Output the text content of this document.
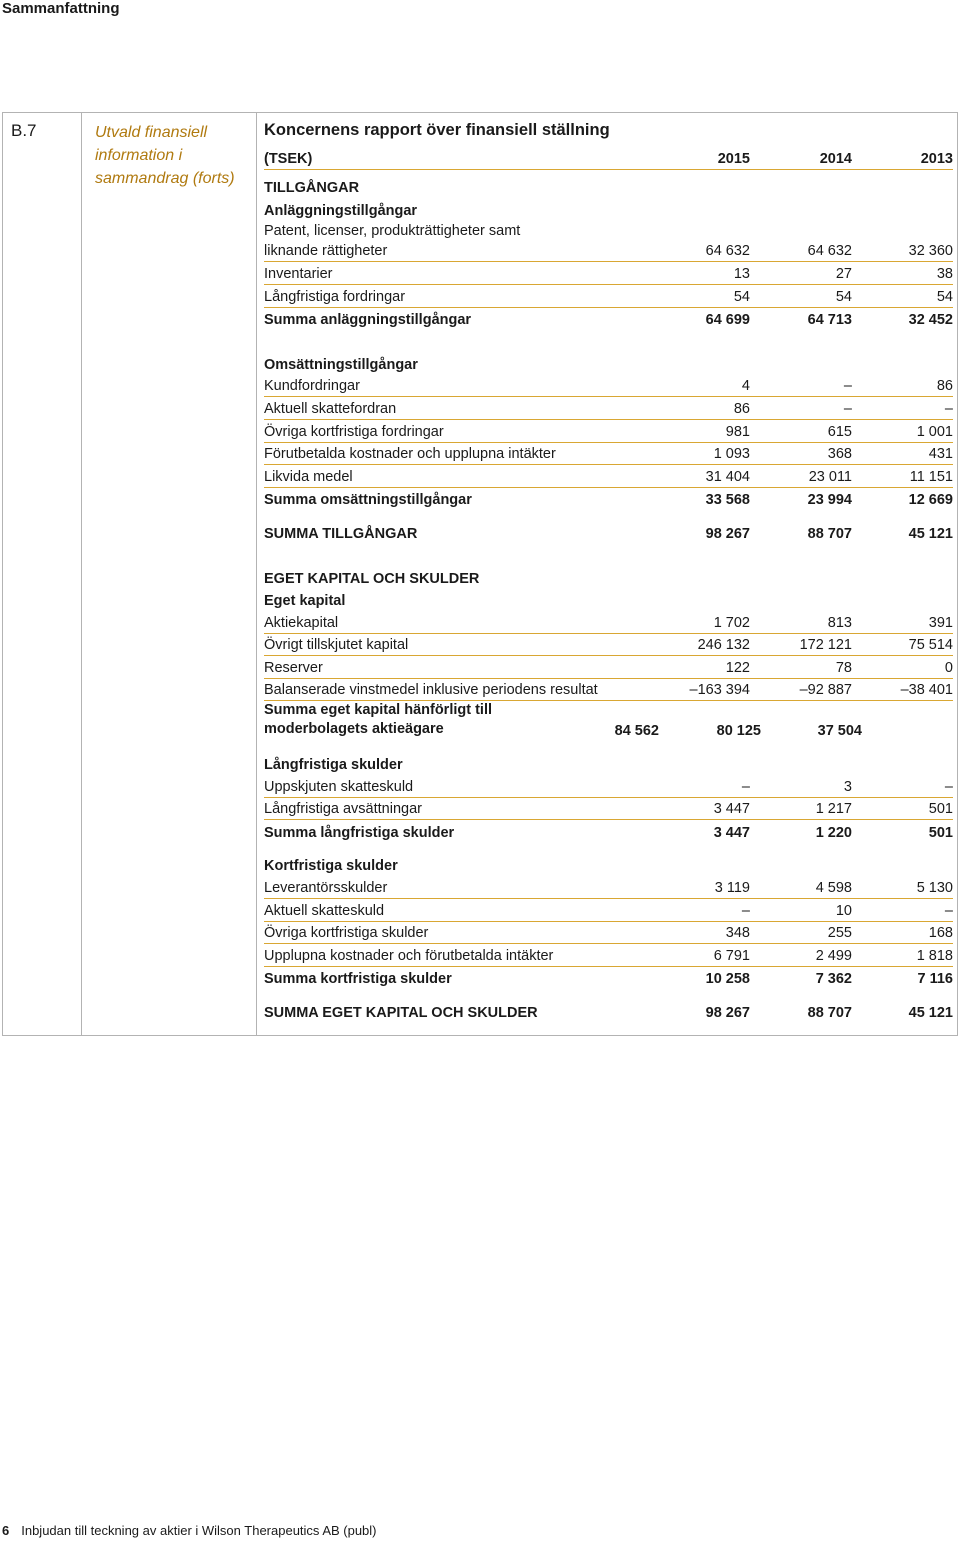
Sammanfattning
B.7	Utvald finansiell information i sammandrag (forts)
Koncernens rapport över finansiell ställning
(TSEK)	2015	2014	2013
TILLGÅNGAR
Anläggningstillgångar
Patent, licenser, produkträttigheter samt
liknande rättigheter	64 632	64 632	32 360
Inventarier	13	27	38
Långfristiga fordringar	54	54	54
Summa anläggningstillgångar	64 699	64 713	32 452
Omsättningstillgångar
Kundfordringar	4	–	86
Aktuell skattefordran	86	–	–
Övriga kortfristiga fordringar	981	615	1 001
Förutbetalda kostnader och upplupna intäkter	1 093	368	431
Likvida medel	31 404	23 011	11 151
Summa omsättningstillgångar	33 568	23 994	12 669
SUMMA TILLGÅNGAR	98 267	88 707	45 121
EGET KAPITAL OCH SKULDER
Eget kapital
Aktiekapital	1 702	813	391
Övrigt tillskjutet kapital	246 132	172 121	75 514
Reserver	122	78	0
Balanserade vinstmedel inklusive periodens resultat	–163 394	–92 887	–38 401
Summa eget kapital hänförligt till moderbolagets aktieägare	84 562	80 125	37 504
Långfristiga skulder
Uppskjuten skatteskuld	–	3	–
Långfristiga avsättningar	3 447	1 217	501
Summa långfristiga skulder	3 447	1 220	501
Kortfristiga skulder
Leverantörsskulder	3 119	4 598	5 130
Aktuell skatteskuld	–	10	–
Övriga kortfristiga skulder	348	255	168
Upplupna kostnader och förutbetalda intäkter	6 791	2 499	1 818
Summa kortfristiga skulder	10 258	7 362	7 116
SUMMA EGET KAPITAL OCH SKULDER	98 267	88 707	45 121
6 Inbjudan till teckning av aktier i Wilson Therapeutics AB (publ)
